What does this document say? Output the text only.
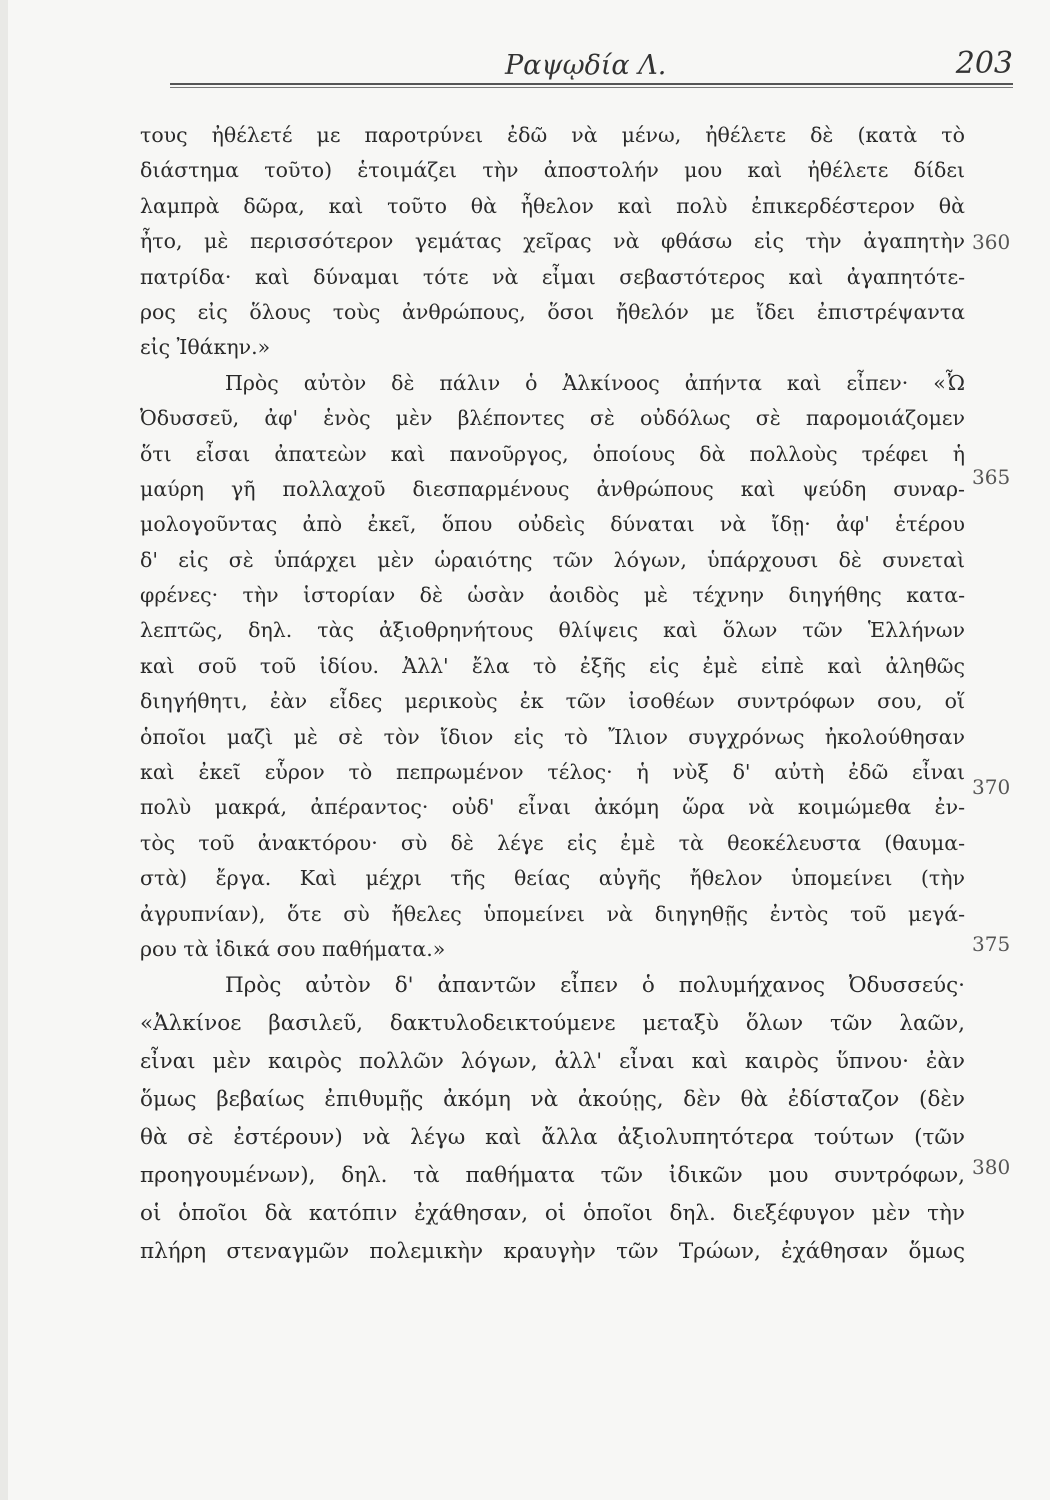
Ραψῳδία Λ.	203
τους ἠθέλετέ με παροτρύνει ἐδῶ νὰ μένω, ἠθέλετε δὲ (κατὰ τὸ
διάστημα τοῦτο) ἑτοιμάζει τὴν ἀποστολήν μου καὶ ἠθέλετε δίδει
λαμπρὰ δῶρα, καὶ τοῦτο θὰ ἦθελον καὶ πολὺ ἐπικερδέστερον θὰ
ἦτο, μὲ περισσότερον γεμάτας χεῖρας νὰ φθάσω εἰς τὴν ἀγαπητὴν
πατρίδα· καὶ δύναμαι τότε νὰ εἶμαι σεβαστότερος καὶ ἀγαπητότε-
ρος εἰς ὅλους τοὺς ἀνθρώπους, ὅσοι ἤθελόν με ἴδει ἐπιστρέψαντα
εἰς Ἰθάκην.»
Πρὸς αὐτὸν δὲ πάλιν ὁ Ἀλκίνοος ἀπήντα καὶ εἶπεν· «Ὦ
Ὀδυσσεῦ, ἀφ' ἑνὸς μὲν βλέποντες σὲ οὐδόλως σὲ παρομοιάζομεν
ὅτι εἶσαι ἀπατεὼν καὶ πανοῦργος, ὁποίους δὰ πολλοὺς τρέφει ἡ
μαύρη γῆ πολλαχοῦ διεσπαρμένους ἀνθρώπους καὶ ψεύδη συναρ-
μολογοῦντας ἀπὸ ἐκεῖ, ὅπου οὐδεὶς δύναται νὰ ἴδῃ· ἀφ' ἑτέρου
δ' εἰς σὲ ὑπάρχει μὲν ὡραιότης τῶν λόγων, ὑπάρχουσι δὲ συνεταὶ
φρένες· τὴν ἱστορίαν δὲ ὡσὰν ἀοιδὸς μὲ τέχνην διηγήθης κατα-
λεπτῶς, δηλ. τὰς ἀξιοθρηνήτους θλίψεις καὶ ὅλων τῶν Ἑλλήνων
καὶ σοῦ τοῦ ἰδίου. Ἀλλ' ἔλα τὸ ἐξῆς εἰς ἐμὲ εἰπὲ καὶ ἀληθῶς
διηγήθητι, ἐὰν εἶδες μερικοὺς ἐκ τῶν ἰσοθέων συντρόφων σου, οἵ
ὁποῖοι μαζὶ μὲ σὲ τὸν ἴδιον εἰς τὸ Ἴλιον συγχρόνως ἠκολούθησαν
καὶ ἐκεῖ εὗρον τὸ πεπρωμένον τέλος· ἡ νὺξ δ' αὐτὴ ἐδῶ εἶναι
πολὺ μακρά, ἀπέραντος· οὐδ' εἶναι ἀκόμη ὥρα νὰ κοιμώμεθα ἐν-
τὸς τοῦ ἀνακτόρου· σὺ δὲ λέγε εἰς ἐμὲ τὰ θεοκέλευστα (θαυμα-
στὰ) ἔργα. Καὶ μέχρι τῆς θείας αὐγῆς ἤθελον ὑπομείνει (τὴν
ἀγρυπνίαν), ὅτε σὺ ἤθελες ὑπομείνει νὰ διηγηθῇς ἐντὸς τοῦ μεγά-
ρου τὰ ἰδικά σου παθήματα.»
Πρὸς αὐτὸν δ' ἀπαντῶν εἶπεν ὁ πολυμήχανος Ὀδυσσεύς·
«Ἀλκίνοε βασιλεῦ, δακτυλοδεικτούμενε μεταξὺ ὅλων τῶν λαῶν,
εἶναι μὲν καιρὸς πολλῶν λόγων, ἀλλ' εἶναι καὶ καιρὸς ὕπνου· ἐὰν
ὅμως βεβαίως ἐπιθυμῇς ἀκόμη νὰ ἀκούῃς, δὲν θὰ ἐδίσταζον (δὲν
θὰ σὲ ἐστέρουν) νὰ λέγω καὶ ἄλλα ἀξιολυπητότερα τούτων (τῶν
προηγουμένων), δηλ. τὰ παθήματα τῶν ἰδικῶν μου συντρόφων,
οἱ ὁποῖοι δὰ κατόπιν ἐχάθησαν, οἱ ὁποῖοι δηλ. διεξέφυγον μὲν τὴν
πλήρη στεναγμῶν πολεμικὴν κραυγὴν τῶν Τρώων, ἐχάθησαν ὅμως
360
365
370
375
380
